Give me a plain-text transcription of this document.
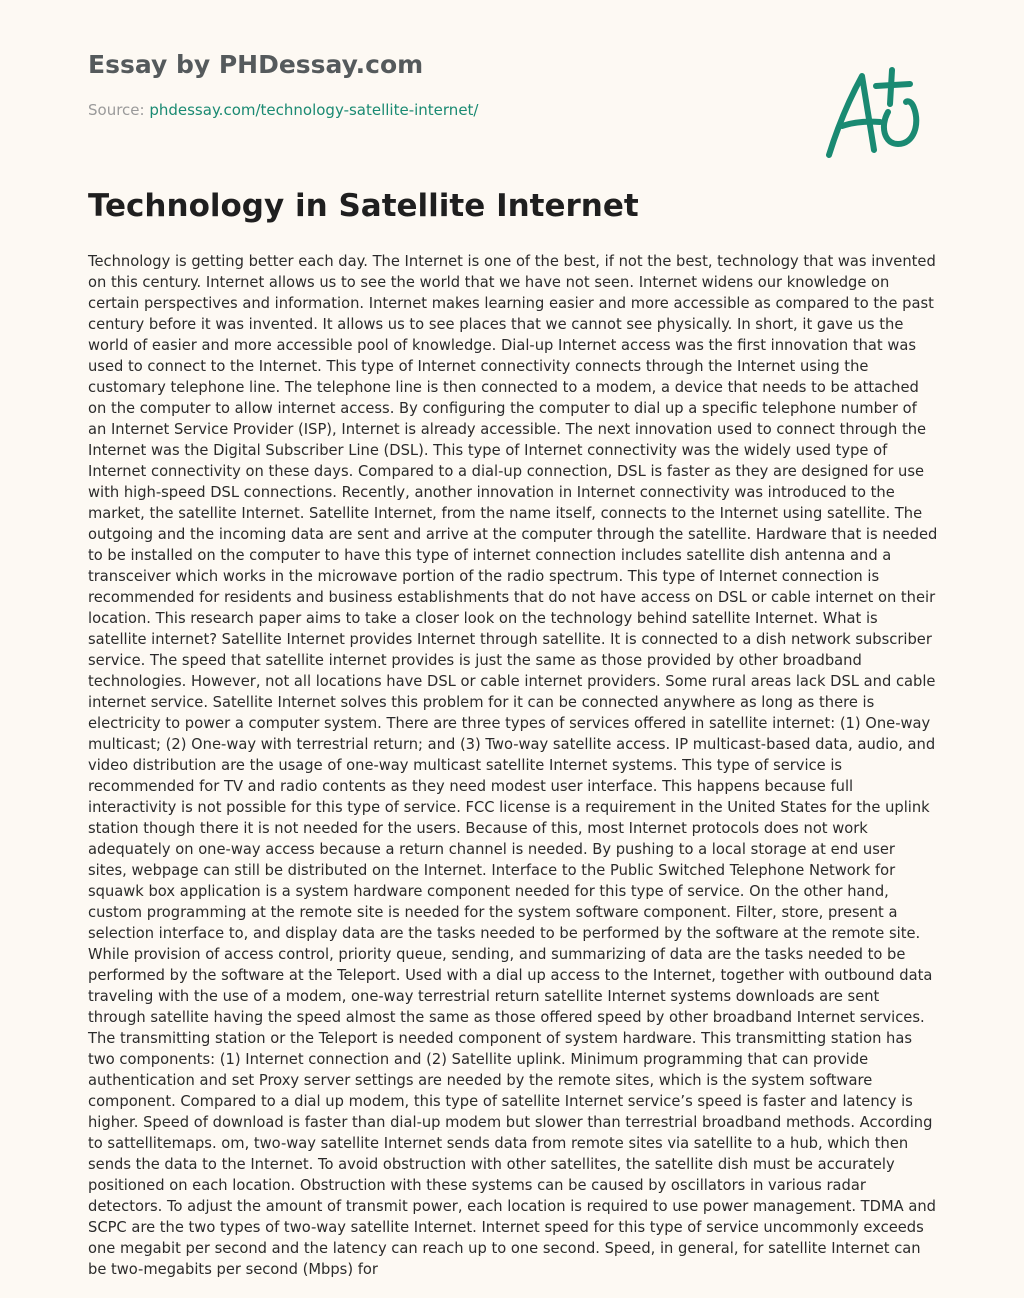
Essay by PHDessay.com
Source: phdessay.com/technology-satellite-internet/
Technology in Satellite Internet

Technology is getting better each day. The Internet is one of the best, if not the best, technology that was invented on this century. Internet allows us to see the world that we have not seen. Internet widens our knowledge on certain perspectives and information. Internet makes learning easier and more accessible as compared to the past century before it was invented. It allows us to see places that we cannot see physically. In short, it gave us the world of easier and more accessible pool of knowledge. Dial-up Internet access was the first innovation that was used to connect to the Internet. This type of Internet connectivity connects through the Internet using the customary telephone line. The telephone line is then connected to a modem, a device that needs to be attached on the computer to allow internet access. By configuring the computer to dial up a specific telephone number of an Internet Service Provider (ISP), Internet is already accessible. The next innovation used to connect through the Internet was the Digital Subscriber Line (DSL). This type of Internet connectivity was the widely used type of Internet connectivity on these days. Compared to a dial-up connection, DSL is faster as they are designed for use with high-speed DSL connections. Recently, another innovation in Internet connectivity was introduced to the market, the satellite Internet. Satellite Internet, from the name itself, connects to the Internet using satellite. The outgoing and the incoming data are sent and arrive at the computer through the satellite. Hardware that is needed to be installed on the computer to have this type of internet connection includes satellite dish antenna and a transceiver which works in the microwave portion of the radio spectrum. This type of Internet connection is recommended for residents and business establishments that do not have access on DSL or cable internet on their location. This research paper aims to take a closer look on the technology behind satellite Internet. What is satellite internet? Satellite Internet provides Internet through satellite. It is connected to a dish network subscriber service. The speed that satellite internet provides is just the same as those provided by other broadband technologies. However, not all locations have DSL or cable internet providers. Some rural areas lack DSL and cable internet service. Satellite Internet solves this problem for it can be connected anywhere as long as there is electricity to power a computer system. There are three types of services offered in satellite internet: (1) One-way multicast; (2) One-way with terrestrial return; and (3) Two-way satellite access. IP multicast-based data, audio, and video distribution are the usage of one-way multicast satellite Internet systems. This type of service is recommended for TV and radio contents as they need modest user interface. This happens because full interactivity is not possible for this type of service. FCC license is a requirement in the United States for the uplink station though there it is not needed for the users. Because of this, most Internet protocols does not work adequately on one-way access because a return channel is needed. By pushing to a local storage at end user sites, webpage can still be distributed on the Internet. Interface to the Public Switched Telephone Network for squawk box application is a system hardware component needed for this type of service. On the other hand, custom programming at the remote site is needed for the system software component. Filter, store, present a selection interface to, and display data are the tasks needed to be performed by the software at the remote site. While provision of access control, priority queue, sending, and summarizing of data are the tasks needed to be performed by the software at the Teleport. Used with a dial up access to the Internet, together with outbound data traveling with the use of a modem, one-way terrestrial return satellite Internet systems downloads are sent through satellite having the speed almost the same as those offered speed by other broadband Internet services. The transmitting station or the Teleport is needed component of system hardware. This transmitting station has two components: (1) Internet connection and (2) Satellite uplink. Minimum programming that can provide authentication and set Proxy server settings are needed by the remote sites, which is the system software component. Compared to a dial up modem, this type of satellite Internet service’s speed is faster and latency is higher. Speed of download is faster than dial-up modem but slower than terrestrial broadband methods. According to sattellitemaps. om, two-way satellite Internet sends data from remote sites via satellite to a hub, which then sends the data to the Internet. To avoid obstruction with other satellites, the satellite dish must be accurately positioned on each location. Obstruction with these systems can be caused by oscillators in various radar detectors. To adjust the amount of transmit power, each location is required to use power management. TDMA and SCPC are the two types of two-way satellite Internet. Internet speed for this type of service uncommonly exceeds one megabit per second and the latency can reach up to one second. Speed, in general, for satellite Internet can be two-megabits per second (Mbps) for
